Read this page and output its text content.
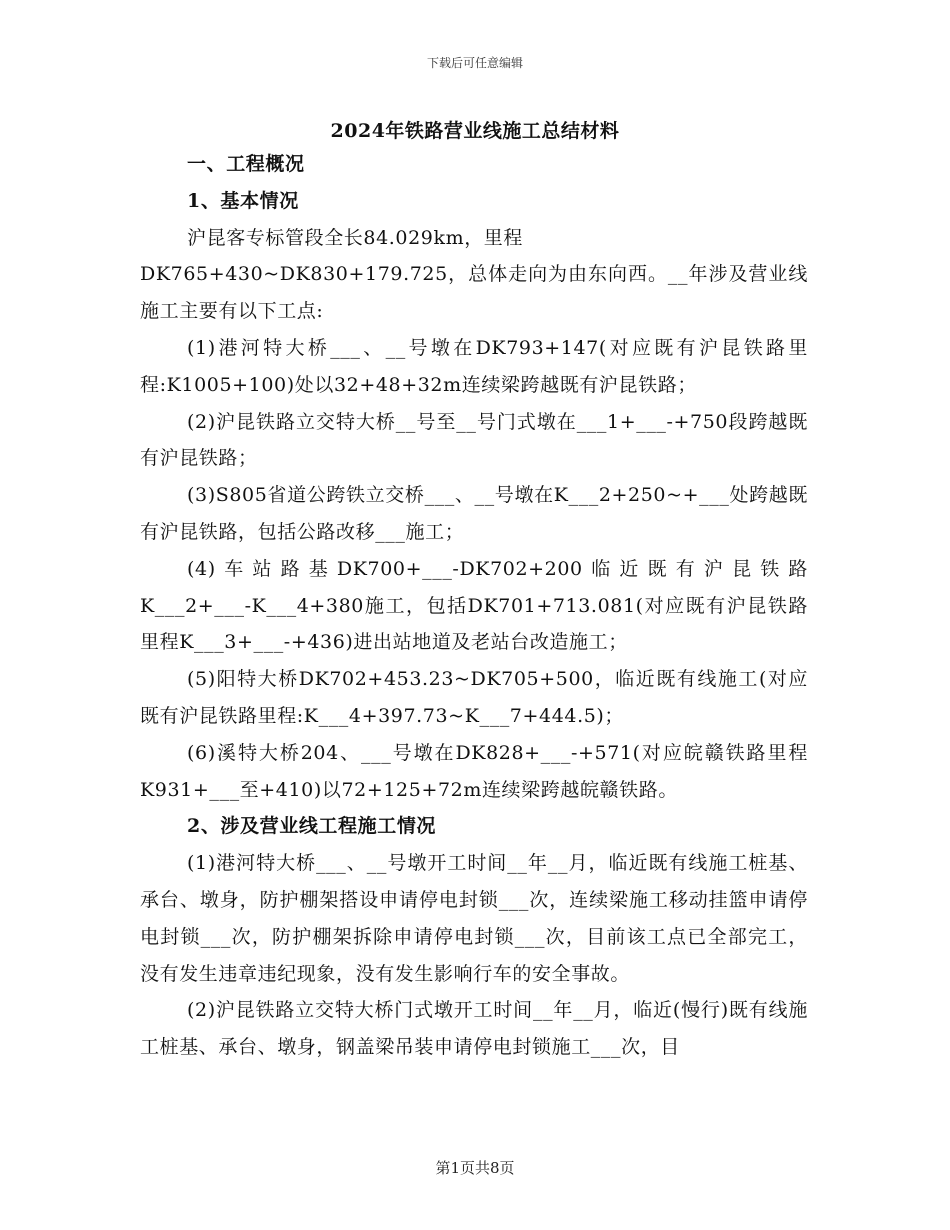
下载后可任意编辑
2024年铁路营业线施工总结材料

一、工程概况

1、基本情况

沪昆客专标管段全长84.029km，里程

DK765+430~DK830+179.725，总体走向为由东向西。__年涉及营业线施工主要有以下工点:

(1)港河特大桥___、__号墩在DK793+147(对应既有沪昆铁路里程:K1005+100)处以32+48+32m连续梁跨越既有沪昆铁路；

(2)沪昆铁路立交特大桥__号至__号门式墩在___1+___-+750段跨越既有沪昆铁路；

(3)S805省道公跨铁立交桥___、__号墩在K___2+250~+___处跨越既有沪昆铁路，包括公路改移___施工；

(4)车站路基DK700+___-DK702+200临近既有沪昆铁路K___2+___-K___4+380施工，包括DK701+713.081(对应既有沪昆铁路里程K___3+___-+436)进出站地道及老站台改造施工；

(5)阳特大桥DK702+453.23~DK705+500，临近既有线施工(对应既有沪昆铁路里程:K___4+397.73~K___7+444.5)；

(6)溪特大桥204、___号墩在DK828+___-+571(对应皖赣铁路里程K931+___至+410)以72+125+72m连续梁跨越皖赣铁路。

2、涉及营业线工程施工情况

(1)港河特大桥___、__号墩开工时间__年__月，临近既有线施工桩基、承台、墩身，防护棚架搭设申请停电封锁___次，连续梁施工移动挂篮申请停电封锁___次，防护棚架拆除申请停电封锁___次，目前该工点已全部完工，没有发生违章违纪现象，没有发生影响行车的安全事故。

(2)沪昆铁路立交特大桥门式墩开工时间__年__月，临近(慢行)既有线施工桩基、承台、墩身，钢盖梁吊装申请停电封锁施工___次，目

第1页共8页
